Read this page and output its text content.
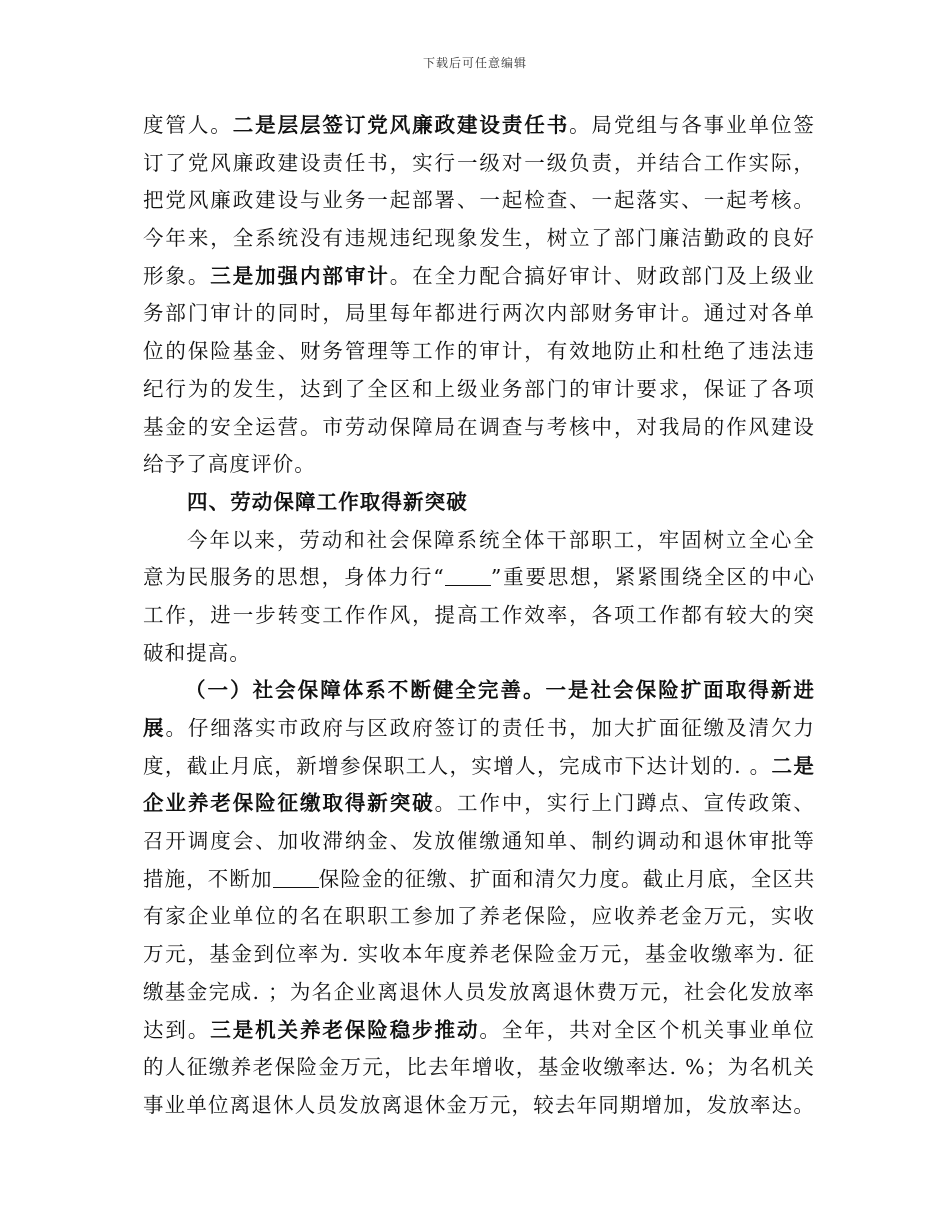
下载后可任意编辑
度管人。二是层层签订党风廉政建设责任书。局党组与各事业单位签
订了党风廉政建设责任书，实行一级对一级负责，并结合工作实际，
把党风廉政建设与业务一起部署、一起检查、一起落实、一起考核。
今年来，全系统没有违规违纪现象发生，树立了部门廉洁勤政的良好
形象。三是加强内部审计。在全力配合搞好审计、财政部门及上级业
务部门审计的同时，局里每年都进行两次内部财务审计。通过对各单
位的保险基金、财务管理等工作的审计，有效地防止和杜绝了违法违
纪行为的发生，达到了全区和上级业务部门的审计要求，保证了各项
基金的安全运营。市劳动保障局在调查与考核中，对我局的作风建设
给予了高度评价。
四、劳动保障工作取得新突破
今年以来，劳动和社会保障系统全体干部职工，牢固树立全心全
意为民服务的思想，身体力行“ ”重要思想，紧紧围绕全区的中心
工作，进一步转变工作作风，提高工作效率，各项工作都有较大的突
破和提高。
（一）社会保障体系不断健全完善。一是社会保险扩面取得新进
展。仔细落实市政府与区政府签订的责任书，加大扩面征缴及清欠力
度，截止月底，新增参保职工人，实增人，完成市下达计划的. 。二是
企业养老保险征缴取得新突破。工作中，实行上门蹲点、宣传政策、
召开调度会、加收滞纳金、发放催缴通知单、制约调动和退休审批等
措施，不断加 保险金的征缴、扩面和清欠力度。截止月底，全区共
有家企业单位的名在职职工参加了养老保险，应收养老金万元，实收
万元，基金到位率为. 实收本年度养老保险金万元，基金收缴率为. 征
缴基金完成. ；为名企业离退休人员发放离退休费万元，社会化发放率
达到。三是机关养老保险稳步推动。全年，共对全区个机关事业单位
的人征缴养老保险金万元，比去年增收，基金收缴率达. %；为名机关
事业单位离退休人员发放离退休金万元，较去年同期增加，发放率达。
